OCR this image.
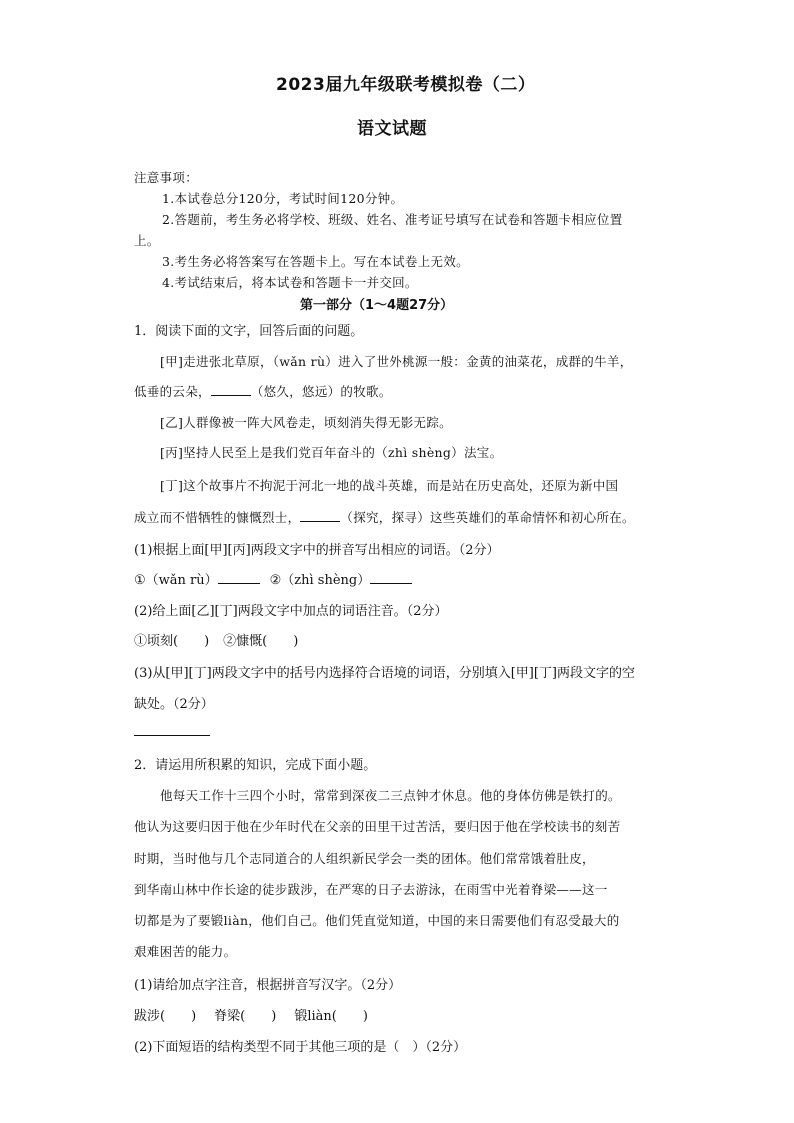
2023届九年级联考模拟卷（二）
语文试题
注意事项：
1.本试卷总分120分，考试时间120分钟。
2.答题前，考生务必将学校、班级、姓名、准考证号填写在试卷和答题卡相应位置
上。
3.考生务必将答案写在答题卡上。写在本试卷上无效。
4.考试结束后，将本试卷和答题卡一并交回。
第一部分（1～4题27分）
1．阅读下面的文字，回答后面的问题。
[甲]走进张北草原，（wǎn rù）进入了世外桃源一般：金黄的油菜花，成群的牛羊，
低垂的云朵，	（悠久，悠远）的牧歌。
[乙]人群像被一阵大风卷走，顷刻消失得无影无踪。
[丙]坚持人民至上是我们党百年奋斗的（zhì shèng）法宝。
[丁]这个故事片不拘泥于河北一地的战斗英雄，而是站在历史高处，还原为新中国
成立而不惜牺牲的慷慨烈士，	（探究，探寻）这些英雄们的革命情怀和初心所在。
(1)根据上面[甲][丙]两段文字中的拼音写出相应的词语。（2分）
①（wǎn rù）	②（zhì shèng）
(2)给上面[乙][丁]两段文字中加点的词语注音。（2分）
①顷刻(　　) ②慷慨(　　)
(3)从[甲][丁]两段文字中的括号内选择符合语境的词语，分别填入[甲][丁]两段文字的空
缺处。（2分）
2．请运用所积累的知识，完成下面小题。
他每天工作十三四个小时，常常到深夜二三点钟才休息。他的身体仿佛是铁打的。
他认为这要归因于他在少年时代在父亲的田里干过苦活，要归因于他在学校读书的刻苦
时期，当时他与几个志同道合的人组织新民学会一类的团体。他们常常饿着肚皮，
到华南山林中作长途的徒步跋涉，在严寒的日子去游泳，在雨雪中光着脊梁——这一
切都是为了要锻liàn，他们自己。他们凭直觉知道，中国的来日需要他们有忍受最大的
艰难困苦的能力。
(1)请给加点字注音，根据拼音写汉字。（2分）
跋涉(　　) 脊梁(　　) 锻liàn(　　)
(2)下面短语的结构类型不同于其他三项的是（　）（2分）
